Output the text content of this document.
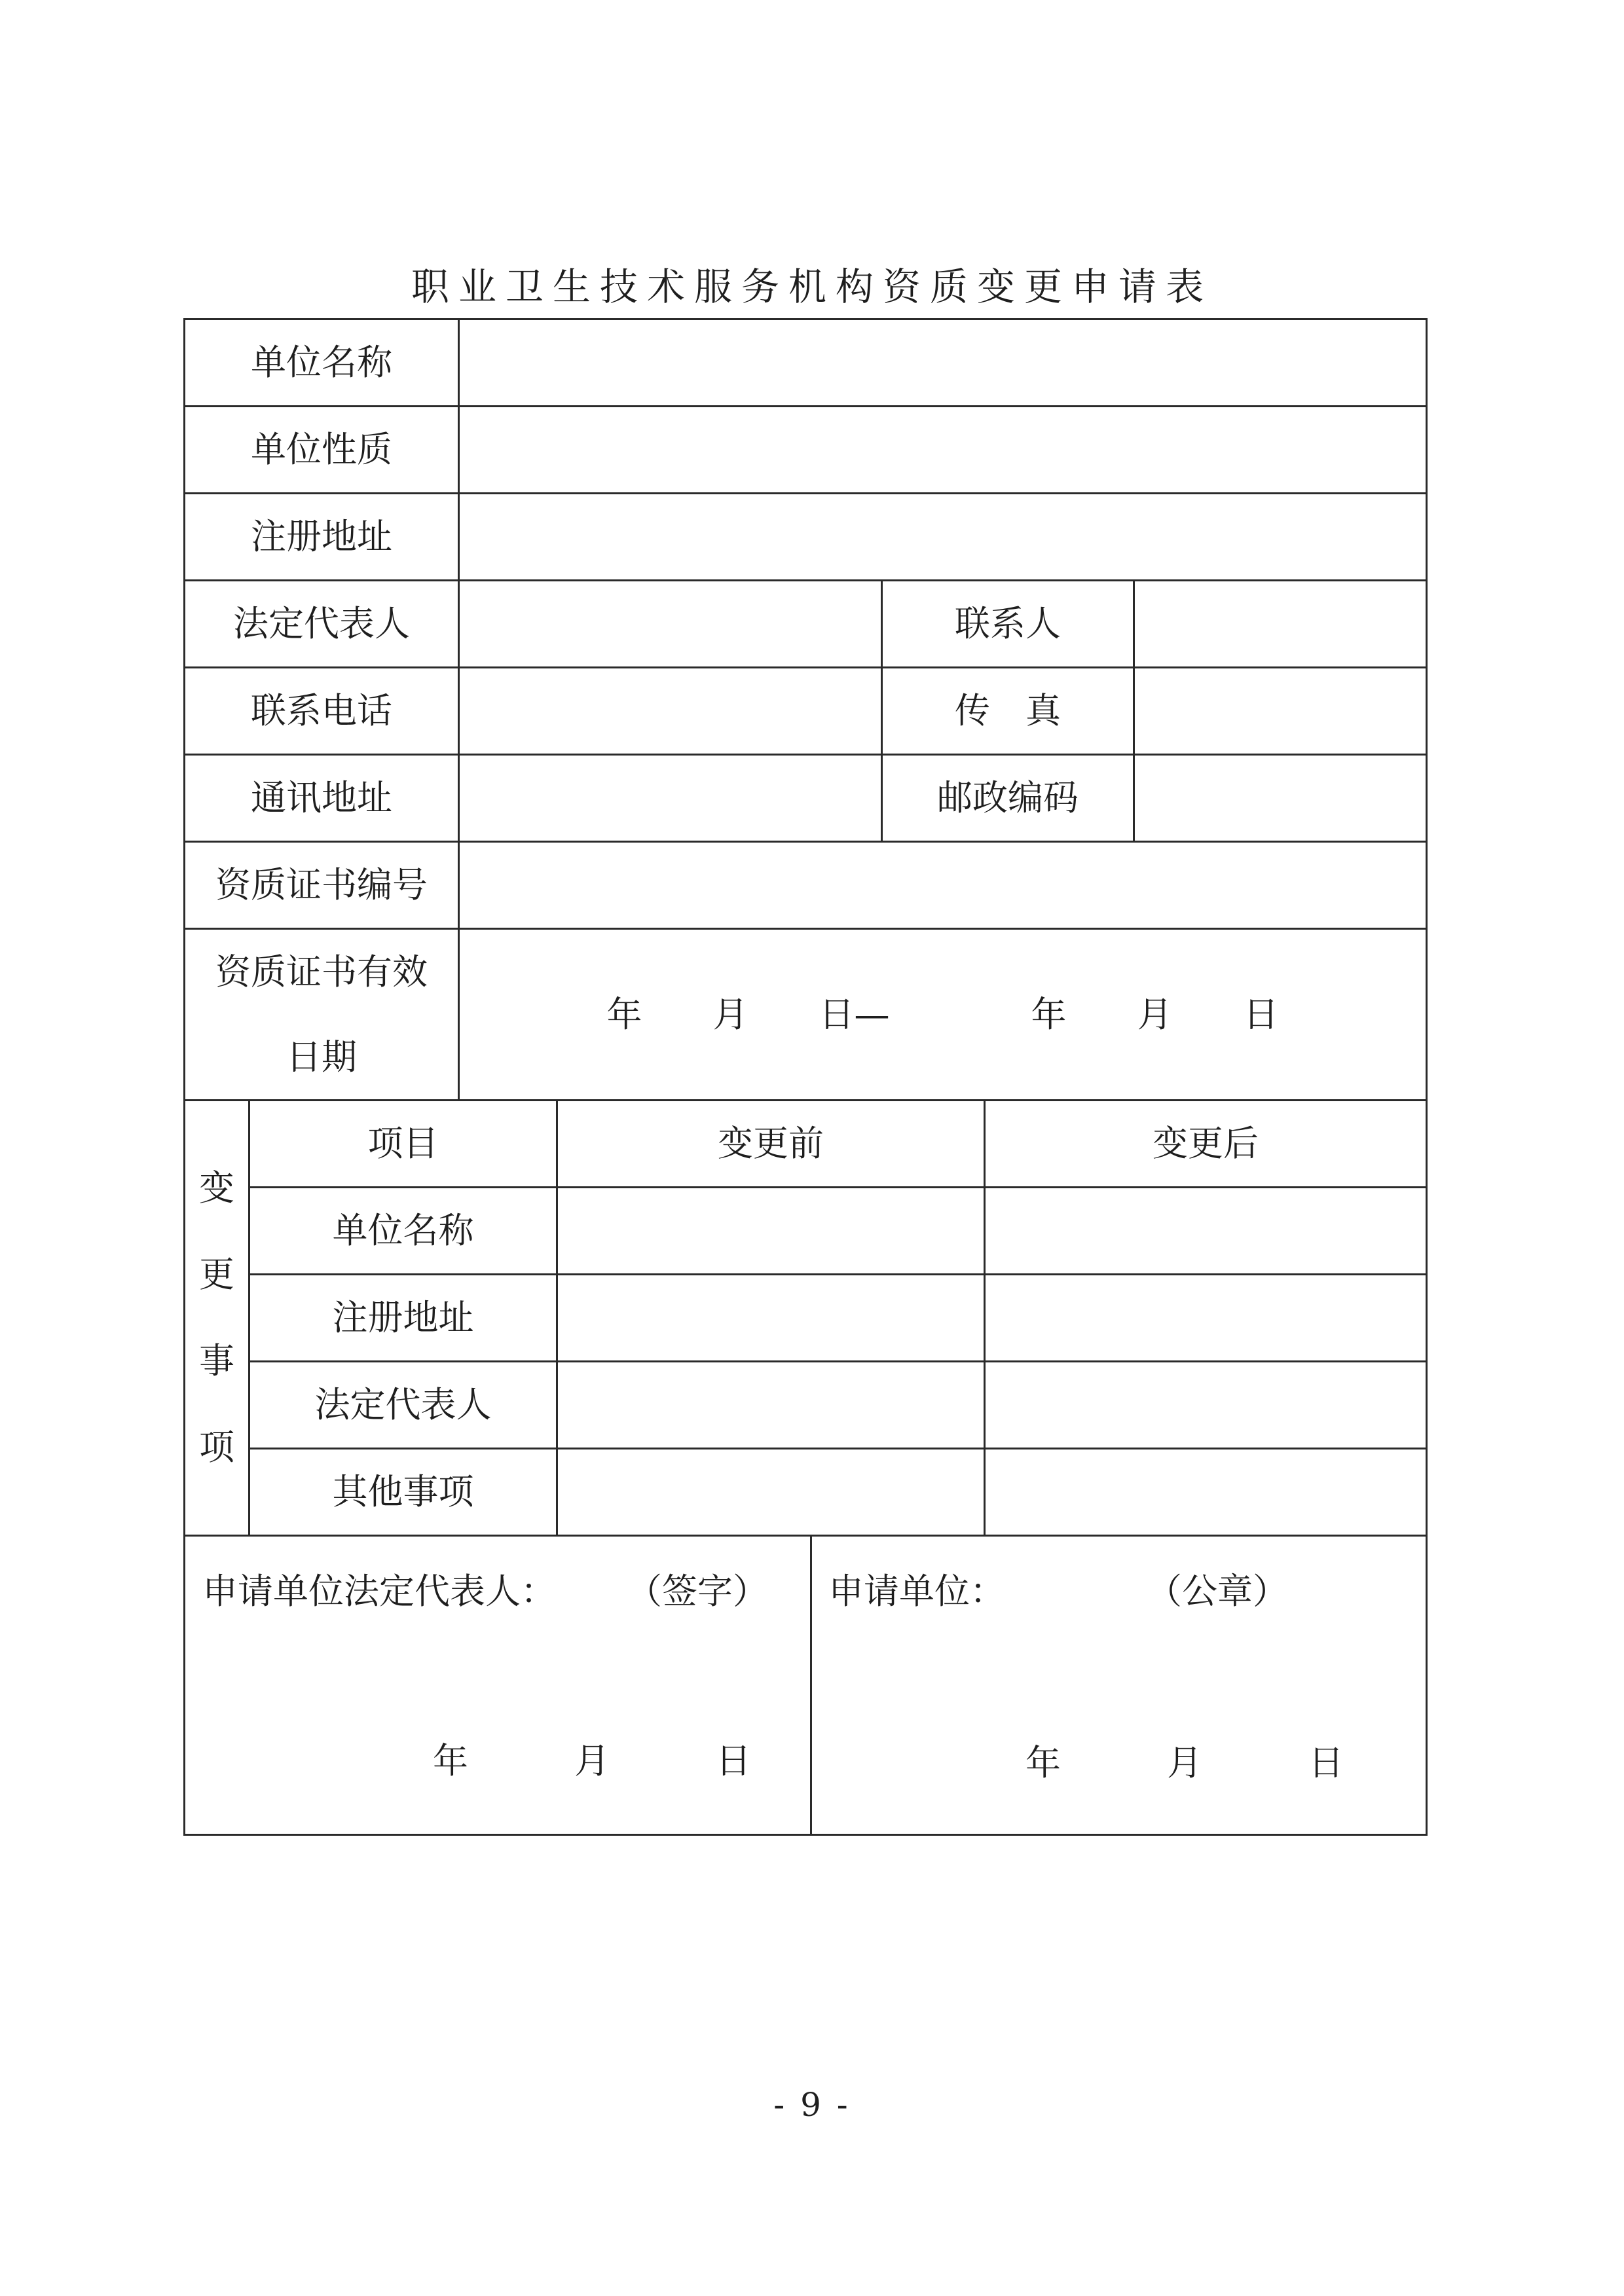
职业卫生技术服务机构资质变更申请表
单位名称
单位性质
注册地址
法定代表人	联系人
联系电话	传　真
通讯地址	邮政编码
资质证书编号
资质证书有效日期
年　　月　　日—　　　　年　　月　　日
变
更
事
项
项目	变更前	变更后
单位名称
注册地址
法定代表人
其他事项
申请单位法定代表人：　　　（签字）
年　　　月　　　日
申请单位：　　　　　（公章）
年　　　月　　　日
- 9 -
